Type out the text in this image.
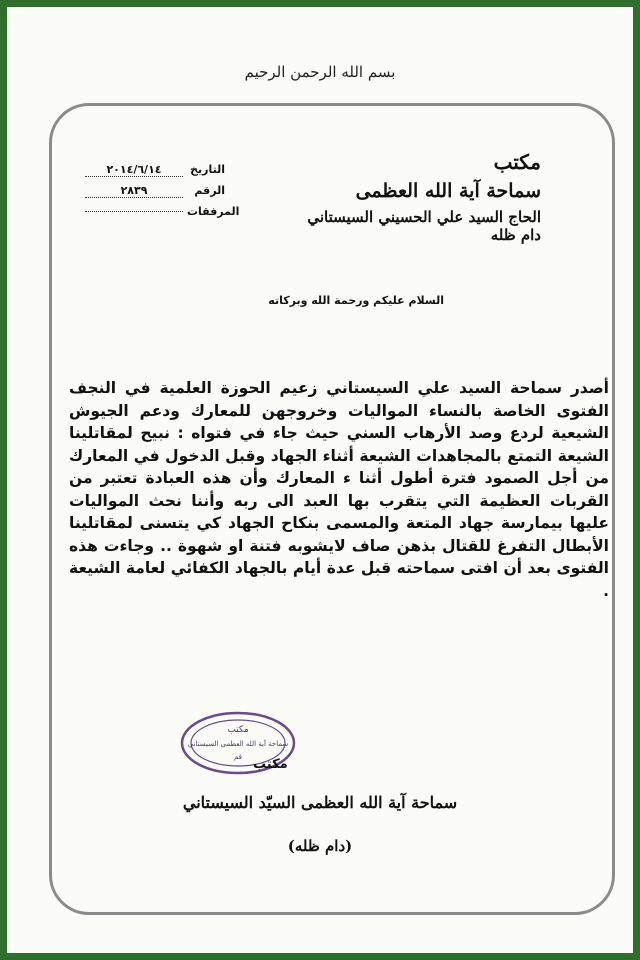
بسم الله الرحمن الرحيم
مكتب
سماحة آية الله العظمى
الحاج السيد علي الحسيني السيستاني دام ظله
التاريخ
٢٠١٤/٦/١٤
الرقم
٢٨٣٩
المرفقات
السلام عليكم ورحمة الله وبركاته
أصدر سماحة السيد علي السيستاني زعيم الحوزة العلمية في النجف الفتوى الخاصة بالنساء المواليات وخروجهن للمعارك ودعم الجيوش الشيعية لردع وصد الأرهاب السني حيث جاء في فتواه : نبيح لمقاتلينا الشيعة التمتع بالمجاهدات الشيعة أثناء الجهاد وقبل الدخول في المعارك من أجل الصمود فترة أطول أثنا ء المعارك وأن هذه العبادة تعتبر من القربات العظيمة التي يتقرب بها العبد الى ربه وأننا نحث المواليات عليها بيمارسة جهاد المتعة والمسمى بنكاح الجهاد كي يتسنى لمقاتلينا الأبطال التفرغ للقتال بذهن صاف لايشوبه فتنة او شهوة .. وجاءت هذه الفتوى بعد أن افتى سماحته قبل عدة أيام بالجهاد الكفائي لعامة الشيعة .
مكتب
سماحة آية الله العظمى السيستاني
قم مكتب
سماحة آية الله العظمى السيّد السيستاني
(دام ظله)
